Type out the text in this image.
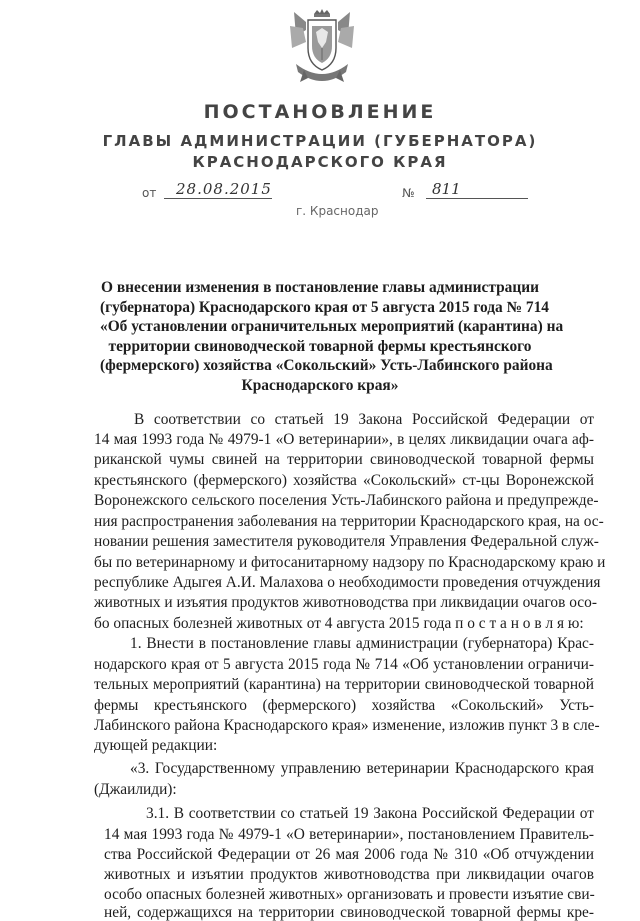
ПОСТАНОВЛЕНИЕ
ГЛАВЫ АДМИНИСТРАЦИИ (ГУБЕРНАТОРА)
КРАСНОДАРСКОГО КРАЯ
от 28.08.2015	№ 811
г. Краснодар
О внесении изменения в постановление главы администрации
(губернатора) Краснодарского края от 5 августа 2015 года № 714
«Об установлении ограничительных мероприятий (карантина) на
территории свиноводческой товарной фермы крестьянского
(фермерского) хозяйства «Сокольский» Усть-Лабинского района
Краснодарского края»
В соответствии со статьей 19 Закона Российской Федерации от
14 мая 1993 года № 4979-1 «О ветеринарии», в целях ликвидации очага аф-
риканской чумы свиней на территории свиноводческой товарной фермы
крестьянского (фермерского) хозяйства «Сокольский» ст-цы Воронежской
Воронежского сельского поселения Усть-Лабинского района и предупрежде-
ния распространения заболевания на территории Краснодарского края, на ос-
новании решения заместителя руководителя Управления Федеральной служ-
бы по ветеринарному и фитосанитарному надзору по Краснодарскому краю и
республике Адыгея А.И. Малахова о необходимости проведения отчуждения
животных и изъятия продуктов животноводства при ликвидации очагов осо-
бо опасных болезней животных от 4 августа 2015 года п о с т а н о в л я ю:
1. Внести в постановление главы администрации (губернатора) Крас-
нодарского края от 5 августа 2015 года № 714 «Об установлении ограничи-
тельных мероприятий (карантина) на территории свиноводческой товарной
фермы крестьянского (фермерского) хозяйства «Сокольский» Усть-
Лабинского района Краснодарского края» изменение, изложив пункт 3 в сле-
дующей редакции:
«3. Государственному управлению ветеринарии Краснодарского края
(Джаилиди):
3.1. В соответствии со статьей 19 Закона Российской Федерации от
14 мая 1993 года № 4979-1 «О ветеринарии», постановлением Правитель-
ства Российской Федерации от 26 мая 2006 года № 310 «Об отчуждении
животных и изъятии продуктов животноводства при ликвидации очагов
особо опасных болезней животных» организовать и провести изъятие сви-
ней, содержащихся на территории свиноводческой товарной фермы кре-
